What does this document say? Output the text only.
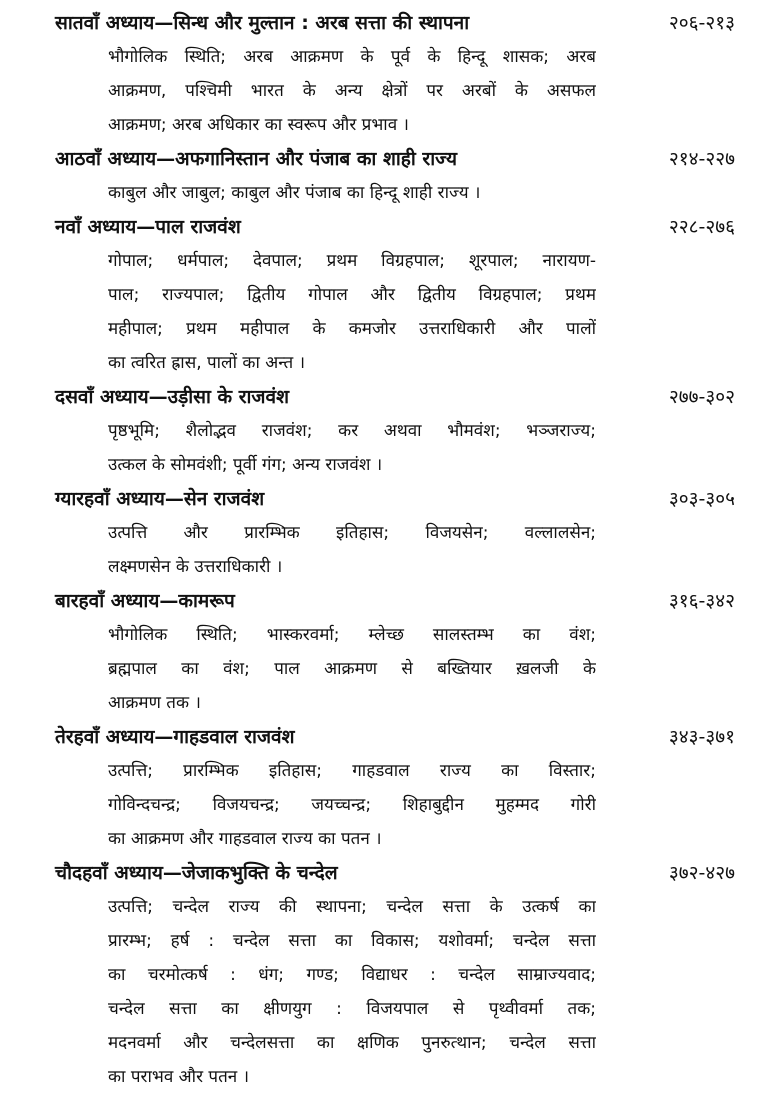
सातवाँ अध्याय—सिन्ध और मुल्तान : अरब सत्ता की स्थापना	२०६-२१३
भौगोलिक स्थिति; अरब आक्रमण के पूर्व के हिन्दू शासक; अरब
आक्रमण, पश्चिमी भारत के अन्य क्षेत्रों पर अरबों के असफल
आक्रमण; अरब अधिकार का स्वरूप और प्रभाव ।
आठवाँ अध्याय—अफगानिस्तान और पंजाब का शाही राज्य	२१४-२२७
काबुल और जाबुल; काबुल और पंजाब का हिन्दू शाही राज्य ।
नवाँ अध्याय—पाल राजवंश	२२८-२७६
गोपाल; धर्मपाल; देवपाल; प्रथम विग्रहपाल; शूरपाल; नारायण-
पाल; राज्यपाल; द्वितीय गोपाल और द्वितीय विग्रहपाल; प्रथम
महीपाल; प्रथम महीपाल के कमजोर उत्तराधिकारी और पालों
का त्वरित ह्रास, पालों का अन्त ।
दसवाँ अध्याय—उड़ीसा के राजवंश	२७७-३०२
पृष्ठभूमि; शैलोद्भव राजवंश; कर अथवा भौमवंश; भञ्जराज्य;
उत्कल के सोमवंशी; पूर्वी गंग; अन्य राजवंश ।
ग्यारहवाँ अध्याय—सेन राजवंश	३०३-३०५
उत्पत्ति और प्रारम्भिक इतिहास; विजयसेन; वल्लालसेन;
लक्ष्मणसेन के उत्तराधिकारी ।
बारहवाँ अध्याय—कामरूप	३१६-३४२
भौगोलिक स्थिति; भास्करवर्मा; म्लेच्छ सालस्तम्भ का वंश;
ब्रह्मपाल का वंश; पाल आक्रमण से बख्तियार ख़लजी के
आक्रमण तक ।
तेरहवाँ अध्याय—गाहडवाल राजवंश	३४३-३७१
उत्पत्ति; प्रारम्भिक इतिहास; गाहडवाल राज्य का विस्तार;
गोविन्दचन्द्र; विजयचन्द्र; जयच्चन्द्र; शिहाबुद्दीन मुहम्मद गोरी
का आक्रमण और गाहडवाल राज्य का पतन ।
चौदहवाँ अध्याय—जेजाकभुक्ति के चन्देल	३७२-४२७
उत्पत्ति; चन्देल राज्य की स्थापना; चन्देल सत्ता के उत्कर्ष का
प्रारम्भ; हर्ष : चन्देल सत्ता का विकास; यशोवर्मा; चन्देल सत्ता
का चरमोत्कर्ष : धंग; गण्ड; विद्याधर : चन्देल साम्राज्यवाद;
चन्देल सत्ता का क्षीणयुग : विजयपाल से पृथ्वीवर्मा तक;
मदनवर्मा और चन्देलसत्ता का क्षणिक पुनरुत्थान; चन्देल सत्ता
का पराभव और पतन ।
